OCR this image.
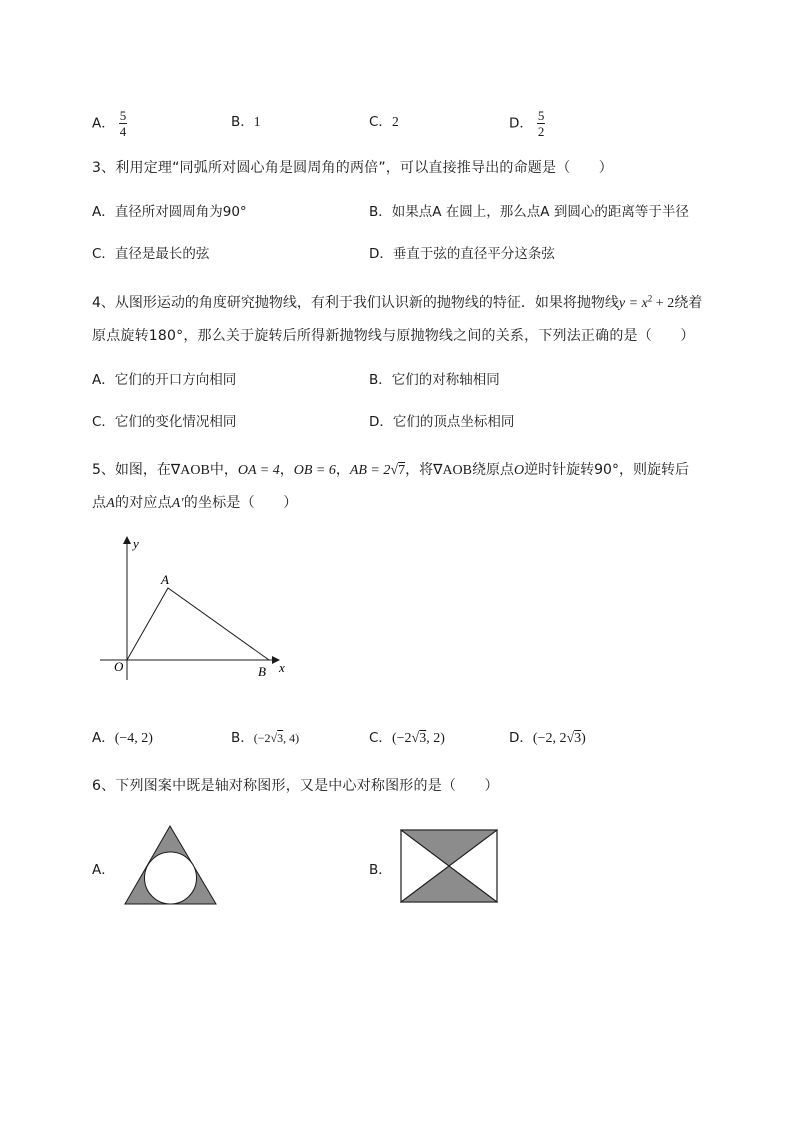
A． $\frac{5}{4}$	B．1	C．2	D． $\frac{5}{2}$
3、利用定理“同弧所对圆心角是圆周角的两倍”，可以直接推导出的命题是（　　）
A．直径所对圆周角为90°	B．如果点A 在圆上，那么点A 到圆心的距离等于半径
C．直径是最长的弦	D．垂直于弦的直径平分这条弦
4、从图形运动的角度研究抛物线，有利于我们认识新的抛物线的特征．如果将抛物线$y = x^2 + 2$绕着
原点旋转180°，那么关于旋转后所得新抛物线与原抛物线之间的关系，下列法正确的是（　　）
A．它们的开口方向相同	B．它们的对称轴相同
C．它们的变化情况相同	D．它们的顶点坐标相同
5、如图，在∇AOB中，OA = 4，OB = 6，AB = 2√7，将∇AOB绕原点O逆时针旋转90°，则旋转后
点A的对应点A′的坐标是（　　）
y
x
O
A
B
A．(−4, 2)	B．(−2√3, 4)	C．(−2√3, 2)	D．(−2, 2√3)
6、下列图案中既是轴对称图形，又是中心对称图形的是（　　）
A．	B．
